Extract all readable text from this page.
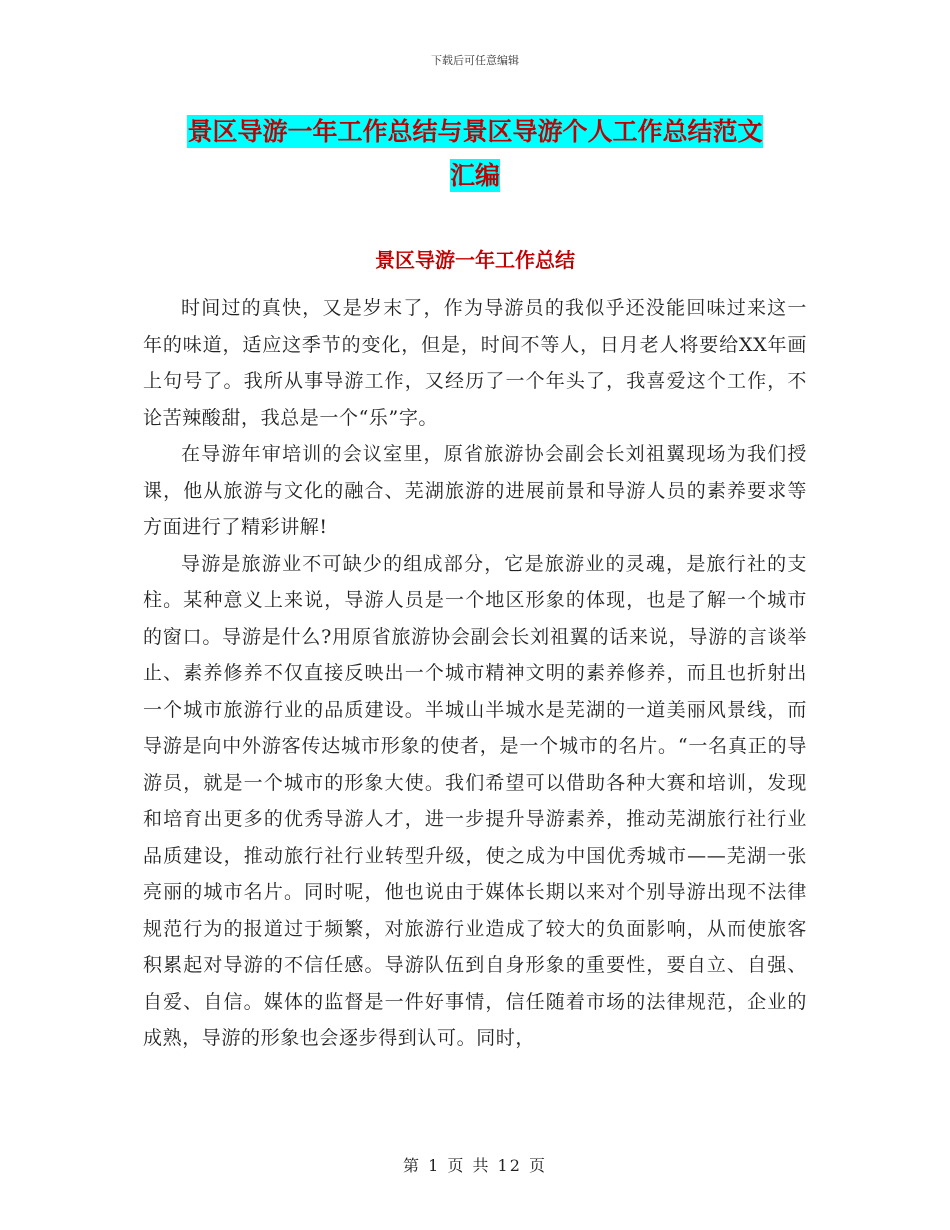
下载后可任意编辑
景区导游一年工作总结与景区导游个人工作总结范文
汇编
景区导游一年工作总结

时间过的真快，又是岁末了，作为导游员的我似乎还没能回味过来这一年的味道，适应这季节的变化，但是，时间不等人，日月老人将要给XX年画上句号了。我所从事导游工作，又经历了一个年头了，我喜爱这个工作，不论苦辣酸甜，我总是一个“乐”字。

在导游年审培训的会议室里，原省旅游协会副会长刘祖翼现场为我们授课，他从旅游与文化的融合、芜湖旅游的进展前景和导游人员的素养要求等方面进行了精彩讲解!

导游是旅游业不可缺少的组成部分，它是旅游业的灵魂，是旅行社的支柱。某种意义上来说，导游人员是一个地区形象的体现，也是了解一个城市的窗口。导游是什么?用原省旅游协会副会长刘祖翼的话来说，导游的言谈举止、素养修养不仅直接反映出一个城市精神文明的素养修养，而且也折射出一个城市旅游行业的品质建设。半城山半城水是芜湖的一道美丽风景线，而导游是向中外游客传达城市形象的使者，是一个城市的名片。“一名真正的导游员，就是一个城市的形象大使。我们希望可以借助各种大赛和培训，发现和培育出更多的优秀导游人才，进一步提升导游素养，推动芜湖旅行社行业品质建设，推动旅行社行业转型升级，使之成为中国优秀城市——芜湖一张亮丽的城市名片。同时呢，他也说由于媒体长期以来对个别导游出现不法律规范行为的报道过于频繁，对旅游行业造成了较大的负面影响，从而使旅客积累起对导游的不信任感。导游队伍到自身形象的重要性，要自立、自强、自爱、自信。媒体的监督是一件好事情，信任随着市场的法律规范，企业的成熟，导游的形象也会逐步得到认可。同时，

第 1 页 共 12 页
